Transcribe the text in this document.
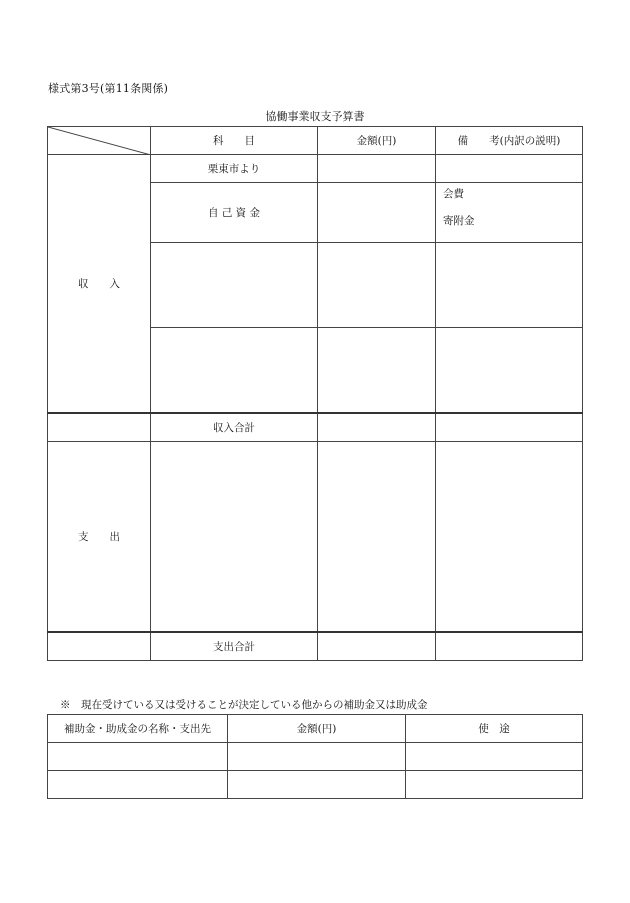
様式第3号(第11条関係)
協働事業収支予算書
	科　　目	金額(円)	備　　考(内訳の説明)
収　　入	栗東市より		
	自 己 資 金		会費
寄附金

	収入合計		
支　　出			
	支出合計		
※　現在受けている又は受けることが決定している他からの補助金又は助成金
補助金・助成金の名称・支出先	金額(円)	使　途
